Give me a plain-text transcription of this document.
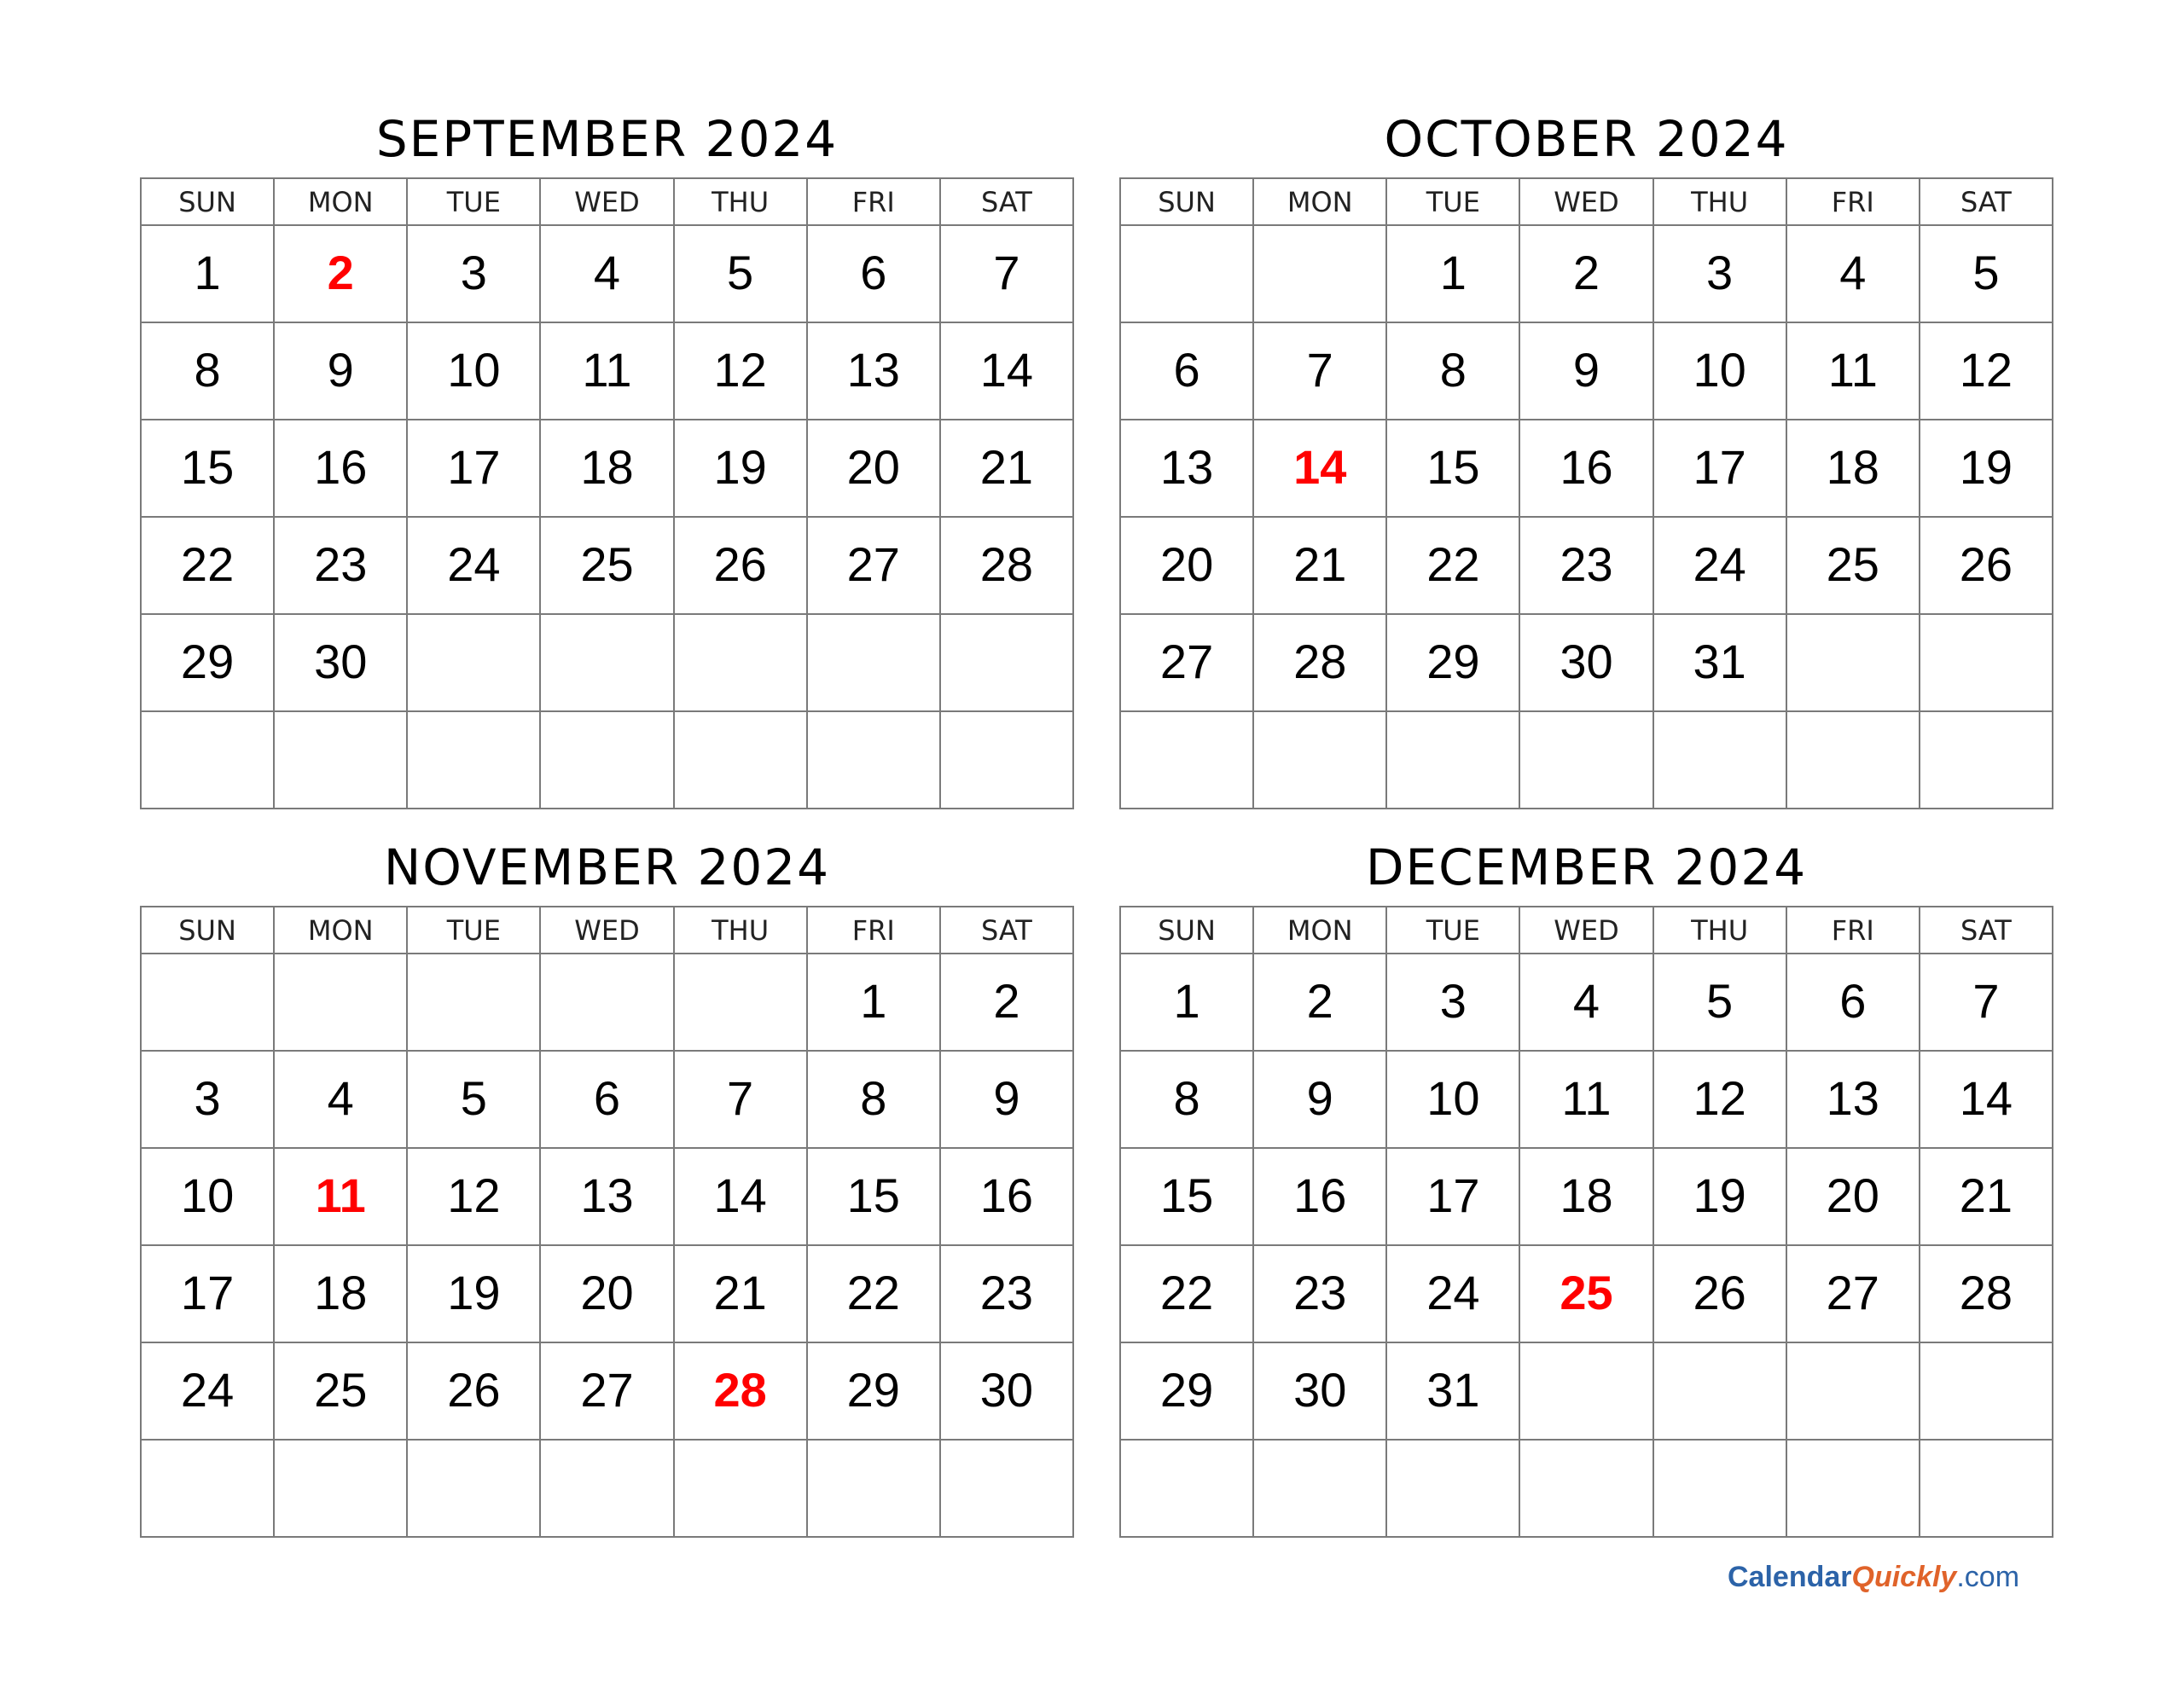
SEPTEMBER 2024
SUN	MON	TUE	WED	THU	FRI	SAT
1	2	3	4	5	6	7
8	9	10	11	12	13	14
15	16	17	18	19	20	21
22	23	24	25	26	27	28
29	30					

OCTOBER 2024
SUN	MON	TUE	WED	THU	FRI	SAT
		1	2	3	4	5
6	7	8	9	10	11	12
13	14	15	16	17	18	19
20	21	22	23	24	25	26
27	28	29	30	31		

NOVEMBER 2024
SUN	MON	TUE	WED	THU	FRI	SAT
					1	2
3	4	5	6	7	8	9
10	11	12	13	14	15	16
17	18	19	20	21	22	23
24	25	26	27	28	29	30

DECEMBER 2024
SUN	MON	TUE	WED	THU	FRI	SAT
1	2	3	4	5	6	7
8	9	10	11	12	13	14
15	16	17	18	19	20	21
22	23	24	25	26	27	28
29	30	31				

CalendarQuickly.com
